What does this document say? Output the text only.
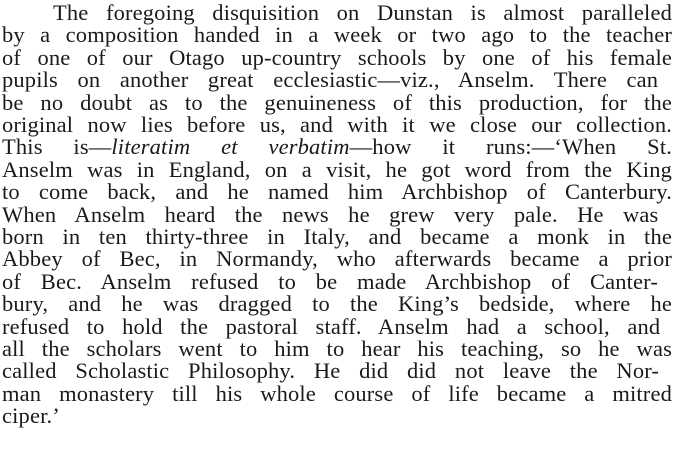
The foregoing disquisition on Dunstan is almost paralleled
by a composition handed in a week or two ago to the teacher
of one of our Otago up-country schools by one of his female
pupils on another great ecclesiastic—viz., Anselm. There can
be no doubt as to the genuineness of this production, for the
original now lies before us, and with it we close our collection.
This is—literatim et verbatim—how it runs:—‘When St.
Anselm was in England, on a visit, he got word from the King
to come back, and he named him Archbishop of Canterbury.
When Anselm heard the news he grew very pale. He was
born in ten thirty-three in Italy, and became a monk in the
Abbey of Bec, in Normandy, who afterwards became a prior
of Bec. Anselm refused to be made Archbishop of Canter-
bury, and he was dragged to the King’s bedside, where he
refused to hold the pastoral staff. Anselm had a school, and
all the scholars went to him to hear his teaching, so he was
called Scholastic Philosophy. He did did not leave the Nor-
man monastery till his whole course of life became a mitred
ciper.’
